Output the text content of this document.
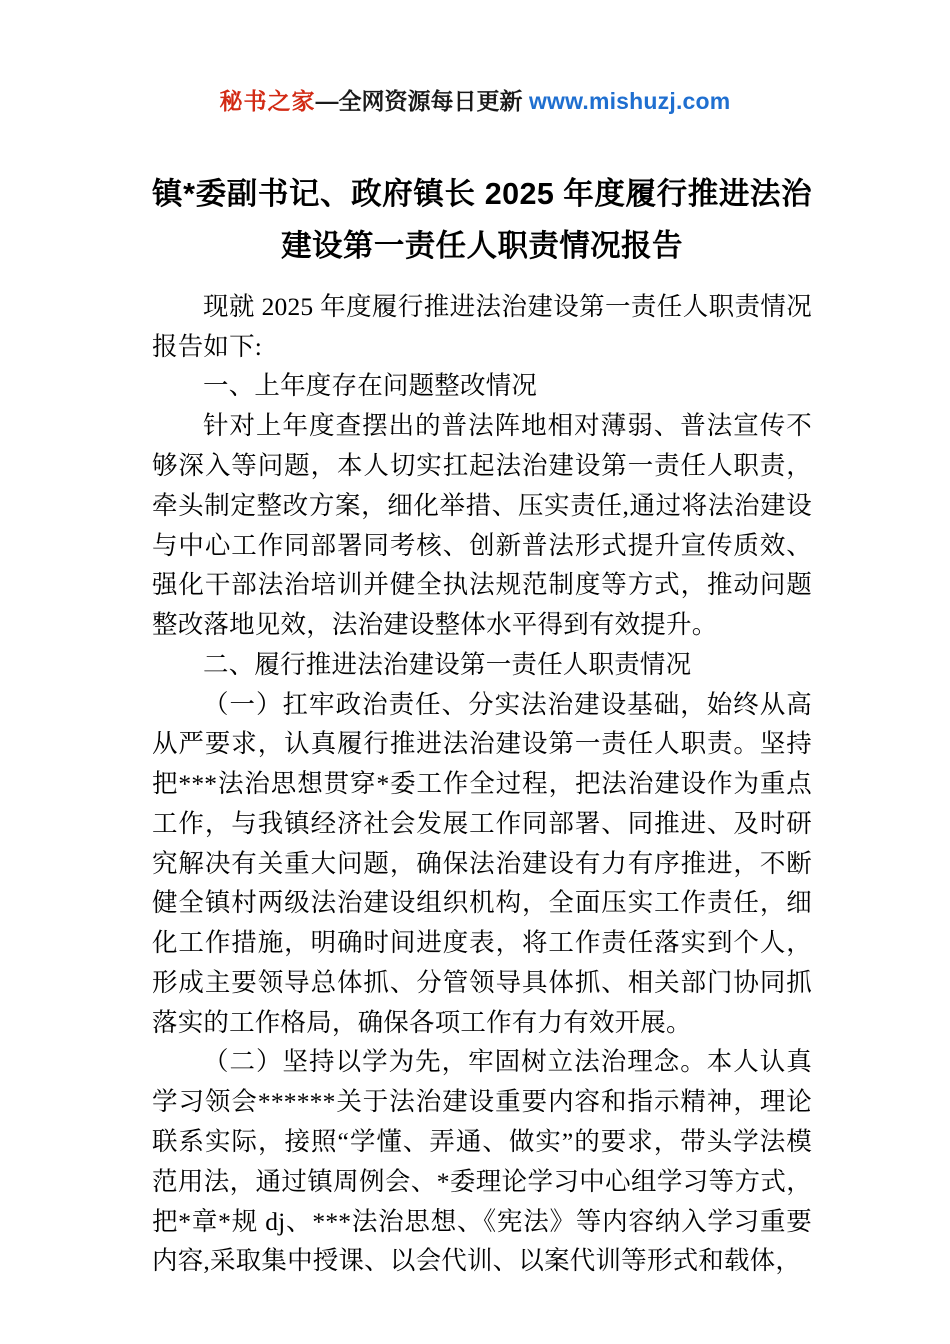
秘书之家—全网资源每日更新 www.mishuzj.com
镇*委副书记、政府镇长 2025 年度履行推进法治建设第一责任人职责情况报告

现就 2025 年度履行推进法治建设第一责任人职责情况报告如下:

一、上年度存在问题整改情况

针对上年度查摆出的普法阵地相对薄弱、普法宣传不够深入等问题，本人切实扛起法治建设第一责任人职责，牵头制定整改方案，细化举措、压实责任,通过将法治建设与中心工作同部署同考核、创新普法形式提升宣传质效、强化干部法治培训并健全执法规范制度等方式，推动问题整改落地见效，法治建设整体水平得到有效提升。

二、履行推进法治建设第一责任人职责情况

（一）扛牢政治责任、分实法治建设基础，始终从高从严要求，认真履行推进法治建设第一责任人职责。坚持把***法治思想贯穿*委工作全过程，把法治建设作为重点工作，与我镇经济社会发展工作同部署、同推进、及时研究解决有关重大问题，确保法治建设有力有序推进，不断健全镇村两级法治建设组织机构，全面压实工作责任，细化工作措施，明确时间进度表，将工作责任落实到个人，形成主要领导总体抓、分管领导具体抓、相关部门协同抓落实的工作格局，确保各项工作有力有效开展。

（二）坚持以学为先，牢固树立法治理念。本人认真学习领会******关于法治建设重要内容和指示精神，理论联系实际，接照“学懂、弄通、做实”的要求，带头学法模范用法，通过镇周例会、*委理论学习中心组学习等方式，把*章*规 dj、***法治思想、《宪法》等内容纳入学习重要内容,采取集中授课、以会代训、以案代训等形式和载体，
